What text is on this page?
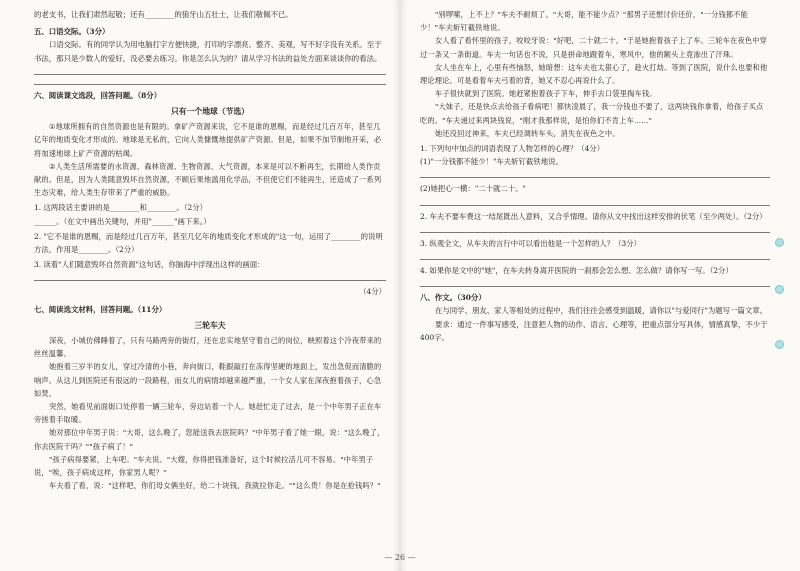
的老支书，让我们肃然起敬；还有________的狼牙山五壮士，让我们敬佩不已。

五、口语交际。（3分）

口语交际。有的同学认为用电脑打字方便快捷，打印的字漂亮、整齐、美观，写不好字没有关系。至于书法，那只是少数人的爱好，没必要去练习。你是怎么认为的？请从学习书法的益处方面来谈谈你的看法。

六、阅读课文选段，回答问题。（8分）

只有一个地球（节选）

①地球所拥有的自然资源也是有限的。拿矿产资源来说，它不是谁的恩赐，而是经过几百万年，甚至几亿年的地质变化才形成的。地球是无私的，它向人类慷慨地提供矿产资源。但是，如果不加节制地开采，必将加速地球上矿产资源的枯竭。

②人类生活所需要的水资源、森林资源、生物资源、大气资源，本来是可以不断再生，长期给人类作贡献的。但是，因为人类随意毁坏自然资源，不顾后果地滥用化学品，不但使它们不能再生，还造成了一系列生态灾难，给人类生存带来了严重的威胁。

1. 这两段话主要讲的是________和________。（2分）

______。（在文中画出关键句，并用"______"画下来。）

2. "它不是谁的恩赐，而是经过几百万年，甚至几亿年的地质变化才形成的"这一句，运用了________的说明方法，作用是________。（2分）

3. 读着"人们随意毁坏自然资源"这句话，你脑海中浮现出这样的画面：

（4分）

七、阅读选文材料，回答问题。（11分）

三轮车夫

深夜，小城仿佛睡着了，只有马路两旁的街灯，还在忠实地坚守着自己的岗位，映照着这个冷夜带来的丝丝温馨。

她抱着三岁半的女儿，穿过冷清的小巷，奔向街口，鞋跟敲打在冻得坚硬的地面上，发出急促而清脆的响声。从这儿到医院还有很远的一段路程，而女儿的病情却越来越严重，一个女人家在深夜抱着孩子，心急如焚。

突然，她看见前面街口处停着一辆三轮车，旁边站着一个人。她赶忙走了过去，是一个中年男子正在车旁搓着手取暖。

她对那位中年男子说："大哥，这么晚了，您能送我去医院吗？"中年男子看了她一眼，说："这么晚了，你去医院干吗？""孩子病了！"

"孩子病得要紧，上车吧。"车夫说。"大嫂，你得把钱准备好，这个时候拉活儿可不容易。"中年男子说，"唉，孩子病成这样，你家男人呢？"

车夫看了看，说："这样吧，你们母女俩坐好，给二十块钱，我就拉你走。""这么贵！你是在抢钱吗？"

"别啰嗦，上不上？"车夫不耐烦了。"大哥，能不能少点？"那男子还想讨价还价，"一分钱都不能少！"车夫斩钉截铁地说。

女人看了看怀里的孩子，咬咬牙说："好吧，二十就二十。"于是她抱着孩子上了车。三轮车在夜色中穿过一条又一条街道。车夫一句话也不说，只是拼命地蹬着车，寒风中，他的额头上竟渗出了汗珠。

女人坐在车上，心里有些恼怒，她暗想：这车夫也太狠心了，趁火打劫。等到了医院，说什么也要和他理论理论。可是看着车夫弓着的背，她又不忍心再说什么了。

车子很快就到了医院。她赶紧抱着孩子下车，伸手去口袋里掏车钱。

"大妹子，还是快点去给孩子看病吧！都快凌晨了，我一分钱也不要了，这两块钱你拿着，给孩子买点吃的。"车夫递过来两块钱说，"刚才我那样说，是怕你们不肯上车……"

她还没回过神来，车夫已经调转车头，消失在夜色之中。

1. 下列句中加点的词语表现了人物怎样的心理？（4分）

(1)"一分钱都不能少！"车夫斩钉截铁地说。

(2)她把心一横："二十就二十。"

2. 车夫不要车费这一结尾既出人意料，又合乎情理。请你从文中找出这样安排的伏笔（至少两处）。（2分）

3. 纵观全文，从车夫的言行中可以看出他是一个怎样的人？（3分）

4. 如果你是文中的"她"，在车夫转身离开医院的一刹那会怎么想、怎么做？请你写一写。（2分）

八、作文。（30分）

在与同学、朋友、家人等相处的过程中，我们往往会感受到温暖，请你以"与爱同行"为题写一篇文章。

要求：通过一件事写感受，注意把人物的动作、语言、心理等，把重点部分写具体，情感真挚，不少于400字。

— 26 —
